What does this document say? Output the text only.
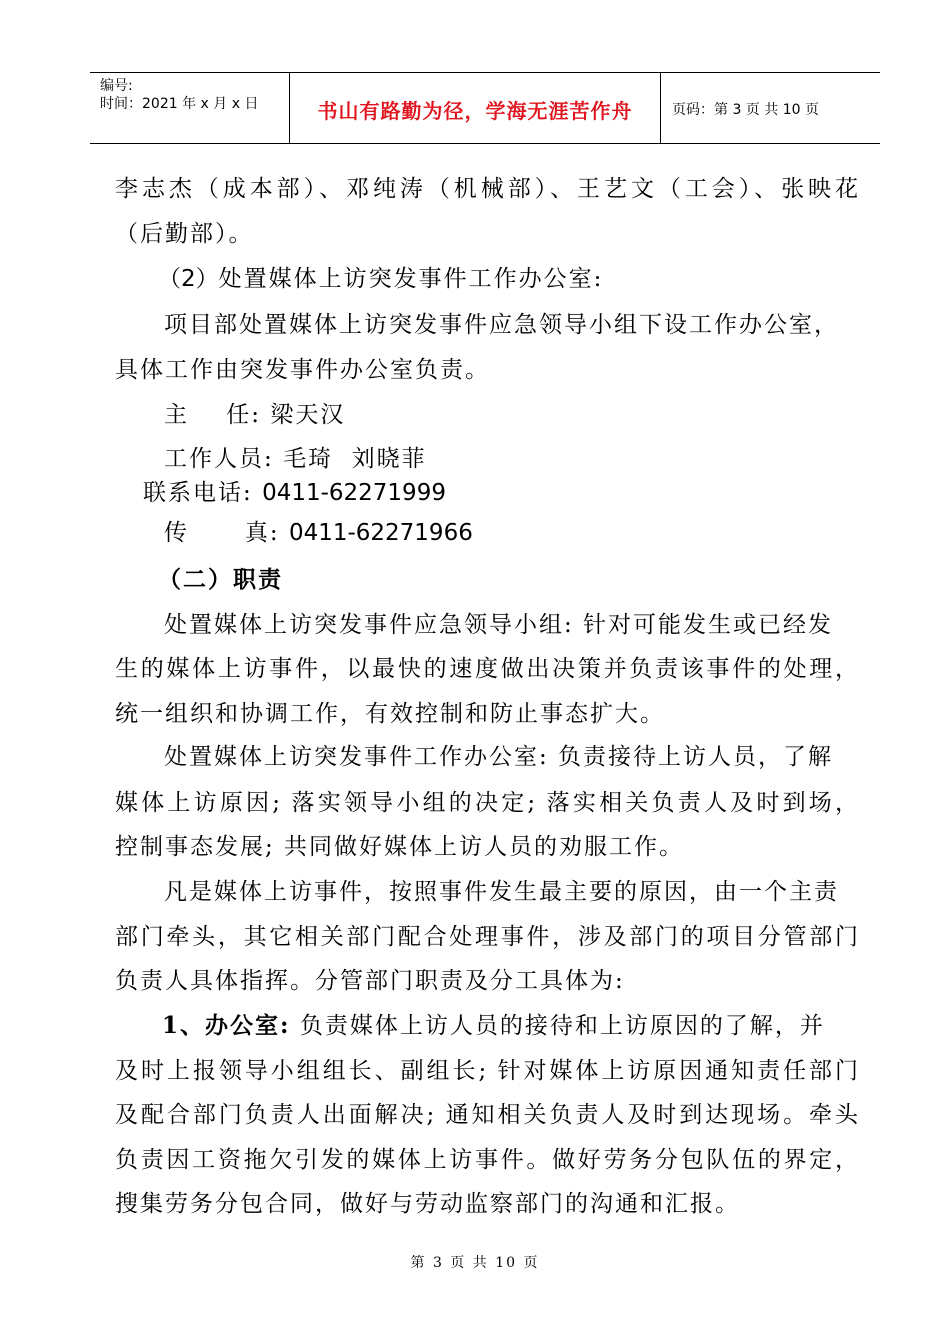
编号:
时间：2021 年 x 月 x 日	书山有路勤为径，学海无涯苦作舟	页码：第 3 页 共 10 页
李志杰（成本部）、邓纯涛（机械部）、王艺文（工会）、张映花
（后勤部）。
（2）处置媒体上访突发事件工作办公室:
项目部处置媒体上访突发事件应急领导小组下设工作办公室，
具体工作由突发事件办公室负责。
主    任: 梁天汉
工作人员: 毛琦  刘晓菲
联系电话: 0411-62271999
传      真: 0411-62271966
（二）职责
处置媒体上访突发事件应急领导小组: 针对可能发生或已经发
生的媒体上访事件，以最快的速度做出决策并负责该事件的处理，
统一组织和协调工作，有效控制和防止事态扩大。
处置媒体上访突发事件工作办公室: 负责接待上访人员，了解
媒体上访原因; 落实领导小组的决定; 落实相关负责人及时到场，
控制事态发展; 共同做好媒体上访人员的劝服工作。
凡是媒体上访事件，按照事件发生最主要的原因，由一个主责
部门牵头，其它相关部门配合处理事件，涉及部门的项目分管部门
负责人具体指挥。分管部门职责及分工具体为:
1、办公室: 负责媒体上访人员的接待和上访原因的了解，并
及时上报领导小组组长、副组长; 针对媒体上访原因通知责任部门
及配合部门负责人出面解决; 通知相关负责人及时到达现场。牵头
负责因工资拖欠引发的媒体上访事件。做好劳务分包队伍的界定，
搜集劳务分包合同，做好与劳动监察部门的沟通和汇报。
第 3 页 共 10 页
